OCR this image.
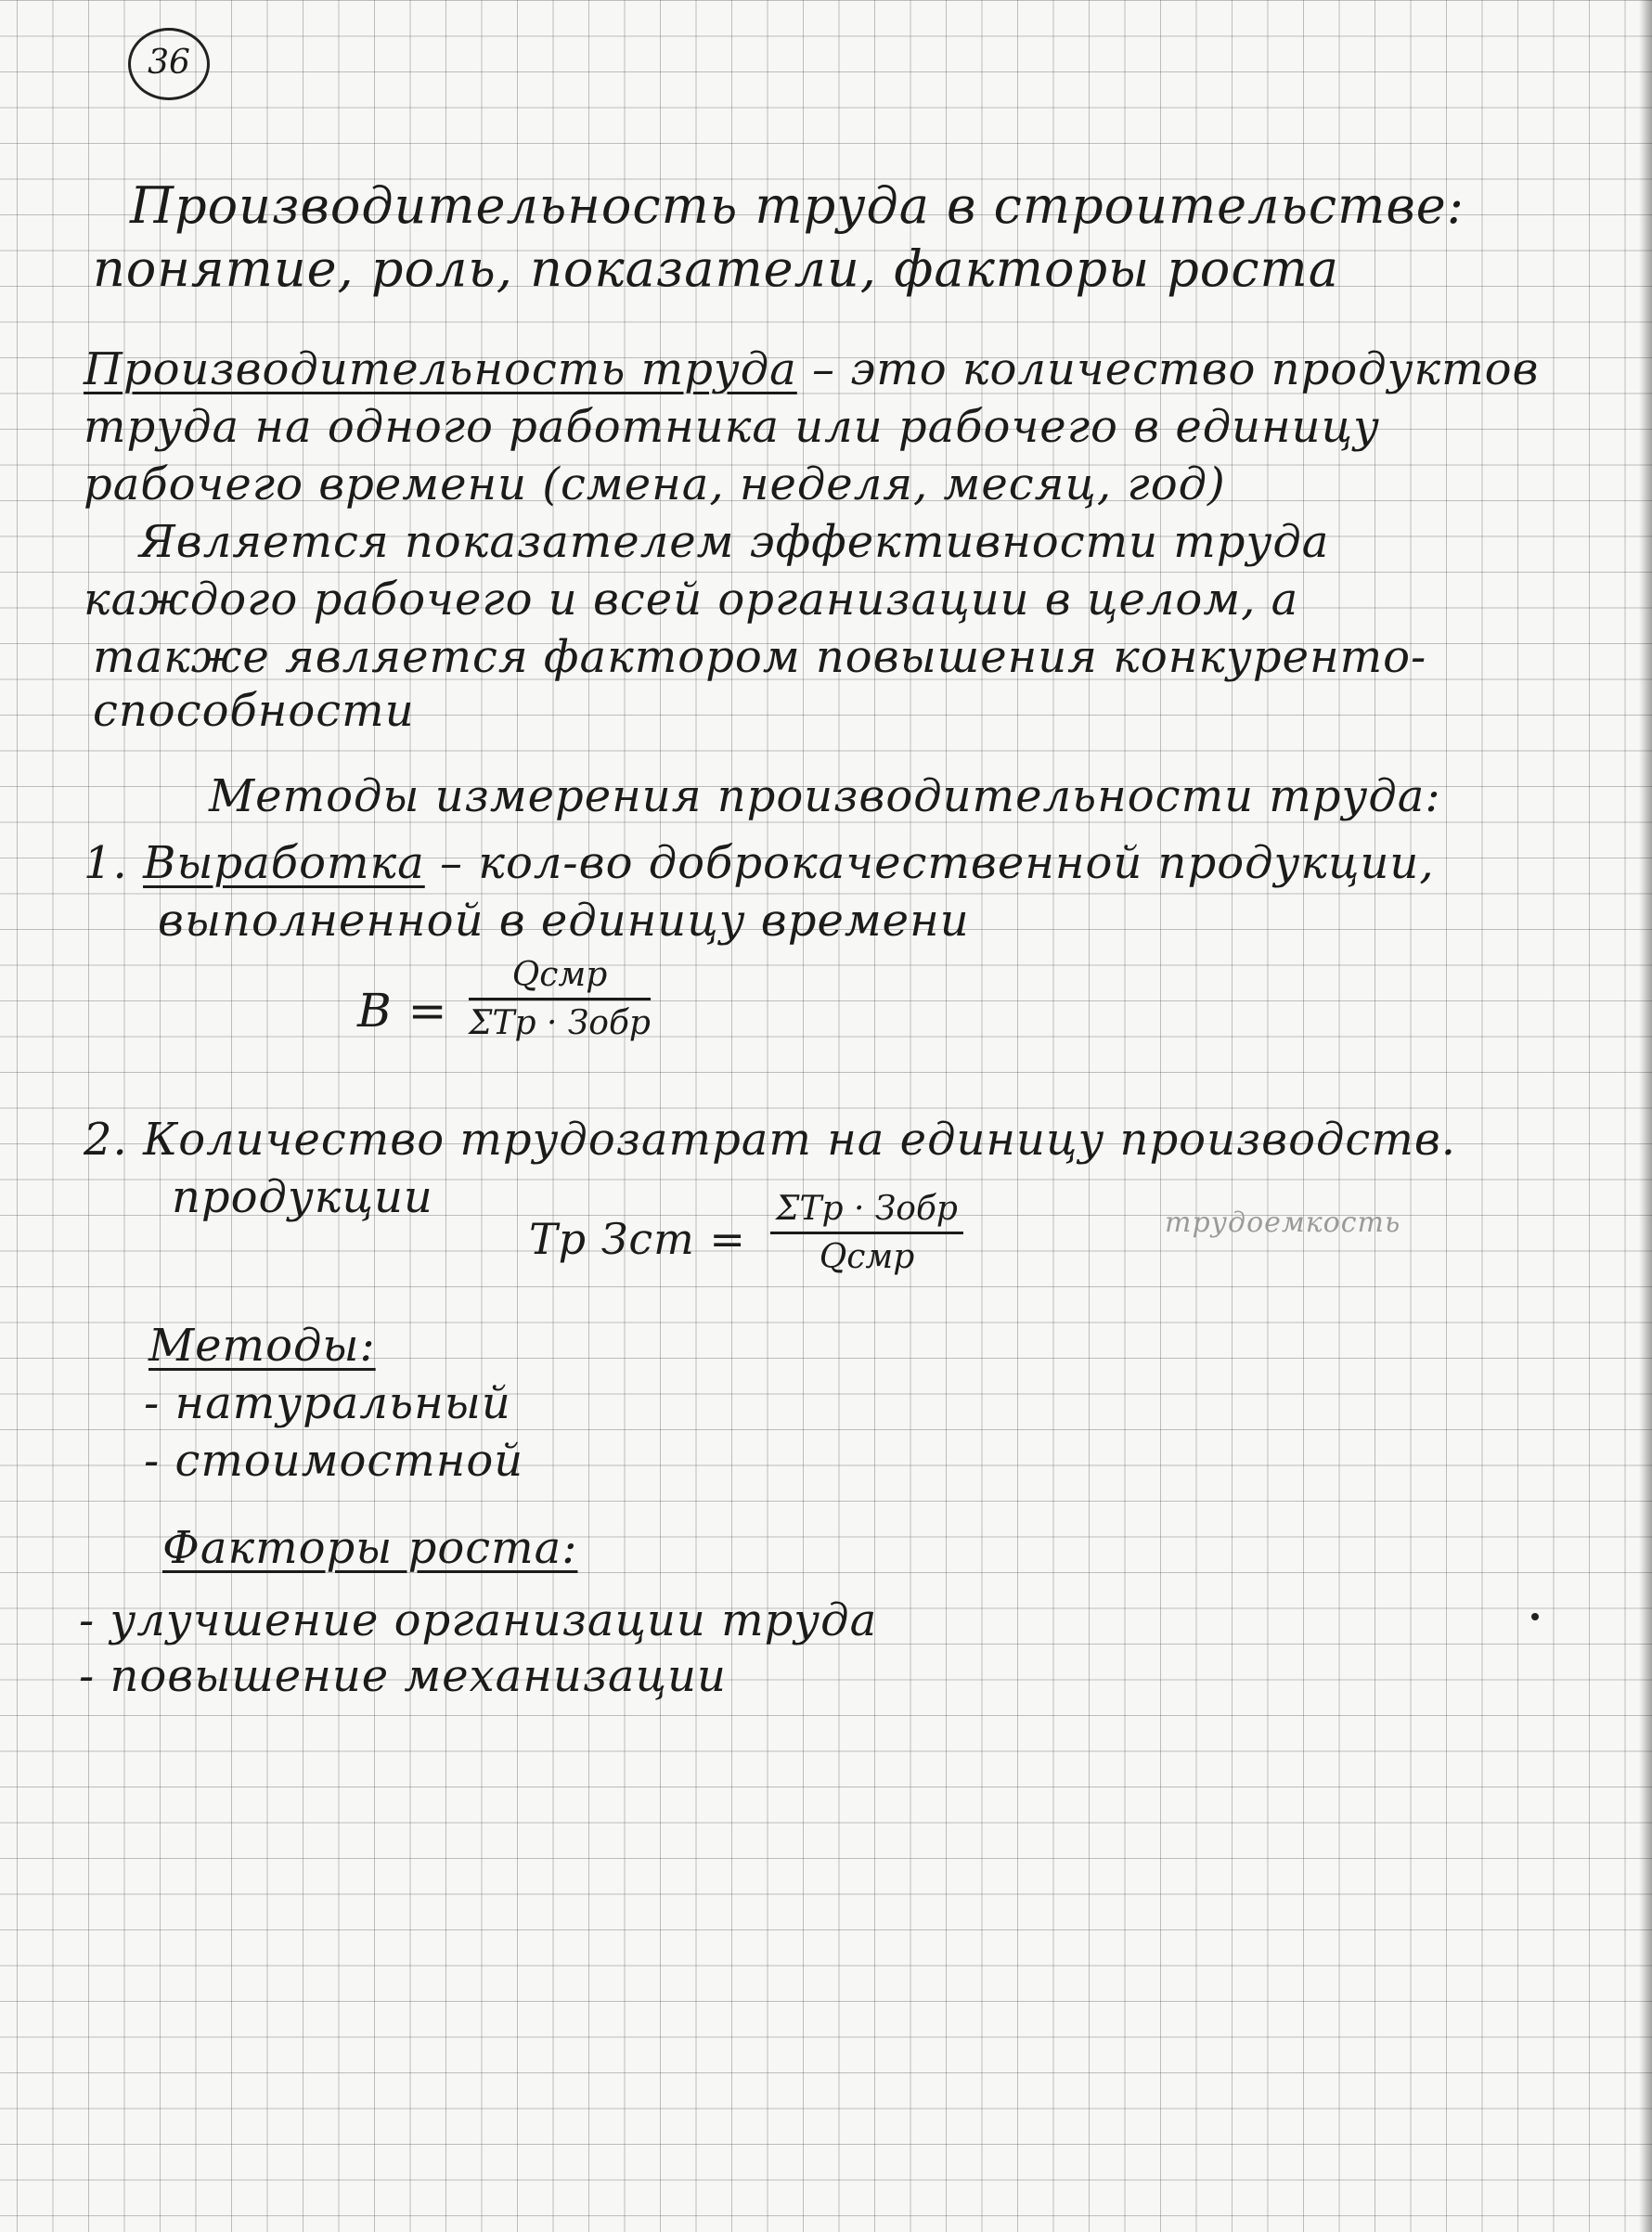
36
Производительность труда в строительстве:
понятие, роль, показатели, факторы роста
Производительность труда – это количество продуктов
труда на одного работника или рабочего в единицу
рабочего времени (смена, неделя, месяц, год)
Является показателем эффективности труда
каждого рабочего и всей организации в целом, а
также является фактором повышения конкуренто-
способности
Методы измерения производительности труда:
1. Выработка – кол-во доброкачественной продукции,
выполненной в единицу времени
В =
Qсмр
ΣТр · Зобр
2. Количество трудозатрат на единицу производств.
продукции
Тр Зст =
ΣТр · Зобр
Qсмр
трудоемкость
Методы:
- натуральный
- стоимостной
Факторы роста:
- улучшение организации труда
- повышение механизации
